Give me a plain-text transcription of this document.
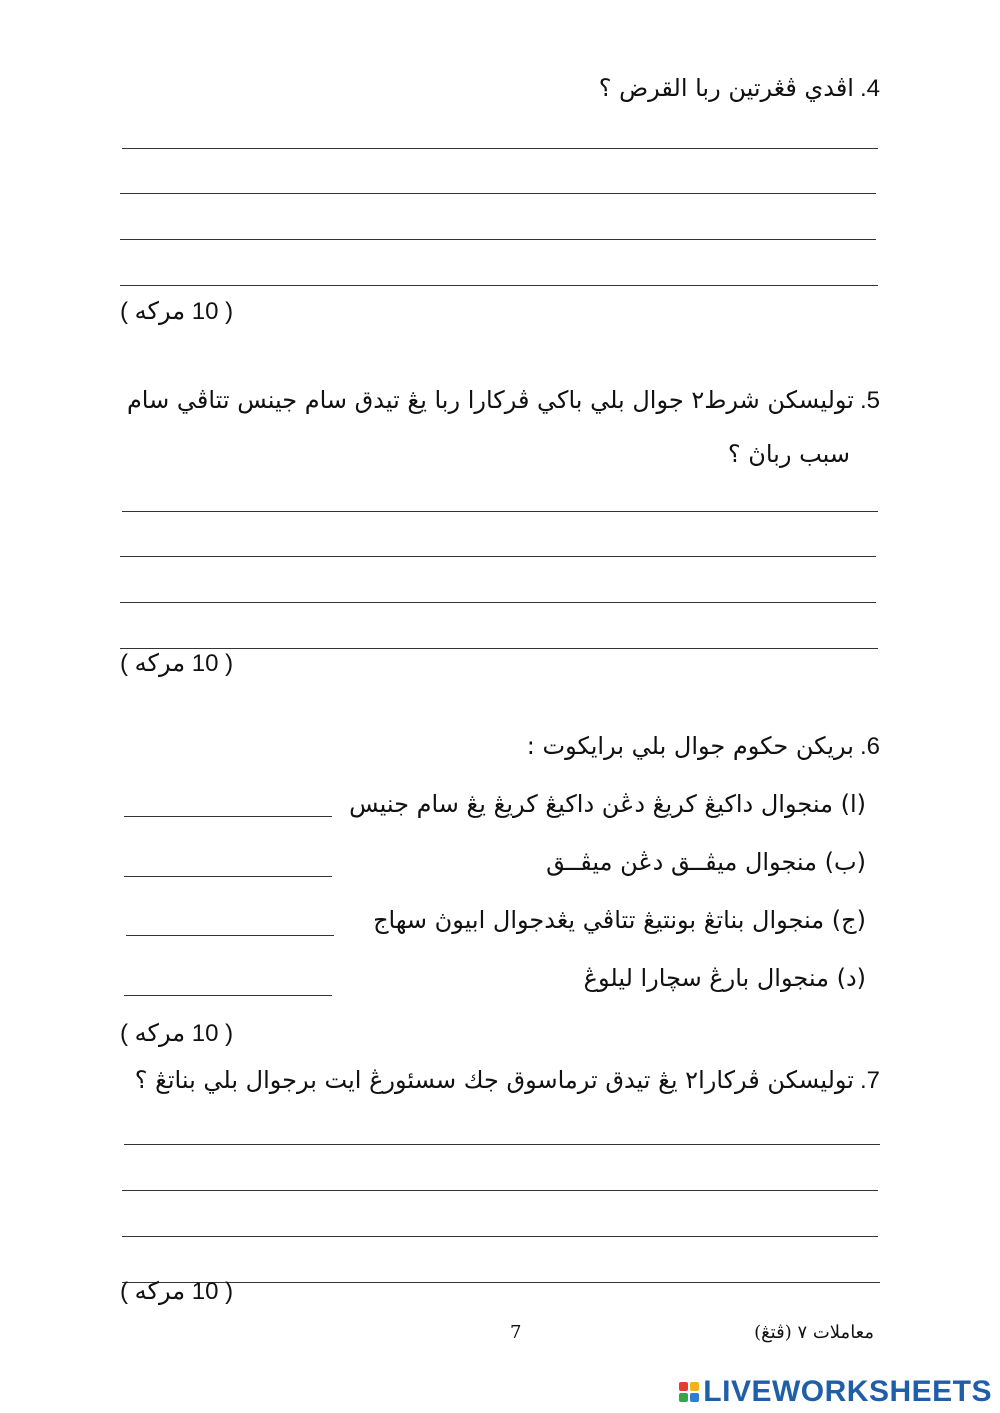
4.اڤدي ڤڠرتين ربا القرض ؟
( 10 مركه )
5.توليسکن شرط٢ جوال بلي باکي ڤرکارا ربا يڠ تيدق سام جينس تتاڤي سام
سبب رباڽ ؟
( 10 مركه )
6.بريکن حکوم جوال بلي برايکوت :
(ا) منجوال داکيڠ کريڠ دڠن داکيڠ کريڠ يڠ سام جنيس
(ب) منجوال ميڤــق دڠن ميڤــق
(ج) منجوال بناتڠ بونتيڠ تتاڤي يڠدجوال ابيوڽ سهاج
(د) منجوال بارڠ سچارا ليلوڠ
( 10 مركه )
7.توليسکن ڤرکارا٢ يڠ تيدق ترماسوق جك سسئورڠ ايت برجوال بلي بناتڠ ؟
( 10 مركه )
7	معاملات ٧ (ڤتڠ)
LIVEWORKSHEETS
